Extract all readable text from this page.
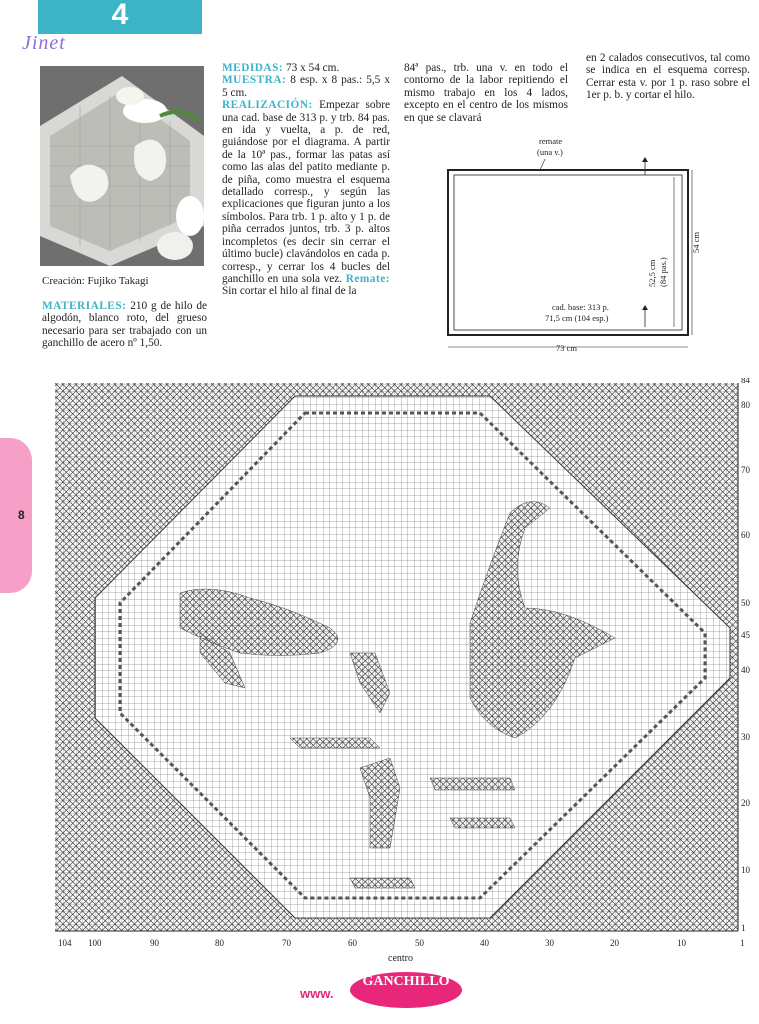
4
Jinet
Creación: Fujiko Takagi
MATERIALES: 210 g de hilo de algodón, blanco roto, del grueso necesario para ser trabajado con un ganchillo de acero nº 1,50.
MEDIDAS: 73 x 54 cm.
MUESTRA: 8 esp. x 8 pas.: 5,5 x 5 cm.
REALIZACIÓN: Empezar sobre una cad. base de 313 p. y trb. 84 pas. en ida y vuelta, a p. de red, guiándose por el diagrama. A partir de la 10ª pas., formar las patas así como las alas del patito mediante p. de piña, como muestra el esquema detallado corresp., y según las explicaciones que figuran junto a los símbolos. Para trb. 1 p. alto y 1 p. de piña cerrados juntos, trb. 3 p. altos incompletos (es decir sin cerrar el último bucle) clavándolos en cada p. corresp., y cerrar los 4 bucles del ganchillo en una sola vez. Remate: Sin cortar el hilo al final de la
84ª pas., trb. una v. en todo el contorno de la labor repitiendo el mismo trabajo en los 4 lados, excepto en el centro de los mismos en que se clavará
en 2 calados consecutivos, tal como se indica en el esquema corresp. Cerrar esta v. por 1 p. raso sobre el 1er p. b. y cortar el hilo.
8
remate
(una v.)
54 cm
52,5 cm (84 pas.)
cad. base: 313 p.
71,5 cm (104 esp.)
73 cm
104 100	90	80	70	60	50	40	30	20	10	1
84
80
70
60
50
45
40
30
20
10
1
centro
www.
GANCHILLO
